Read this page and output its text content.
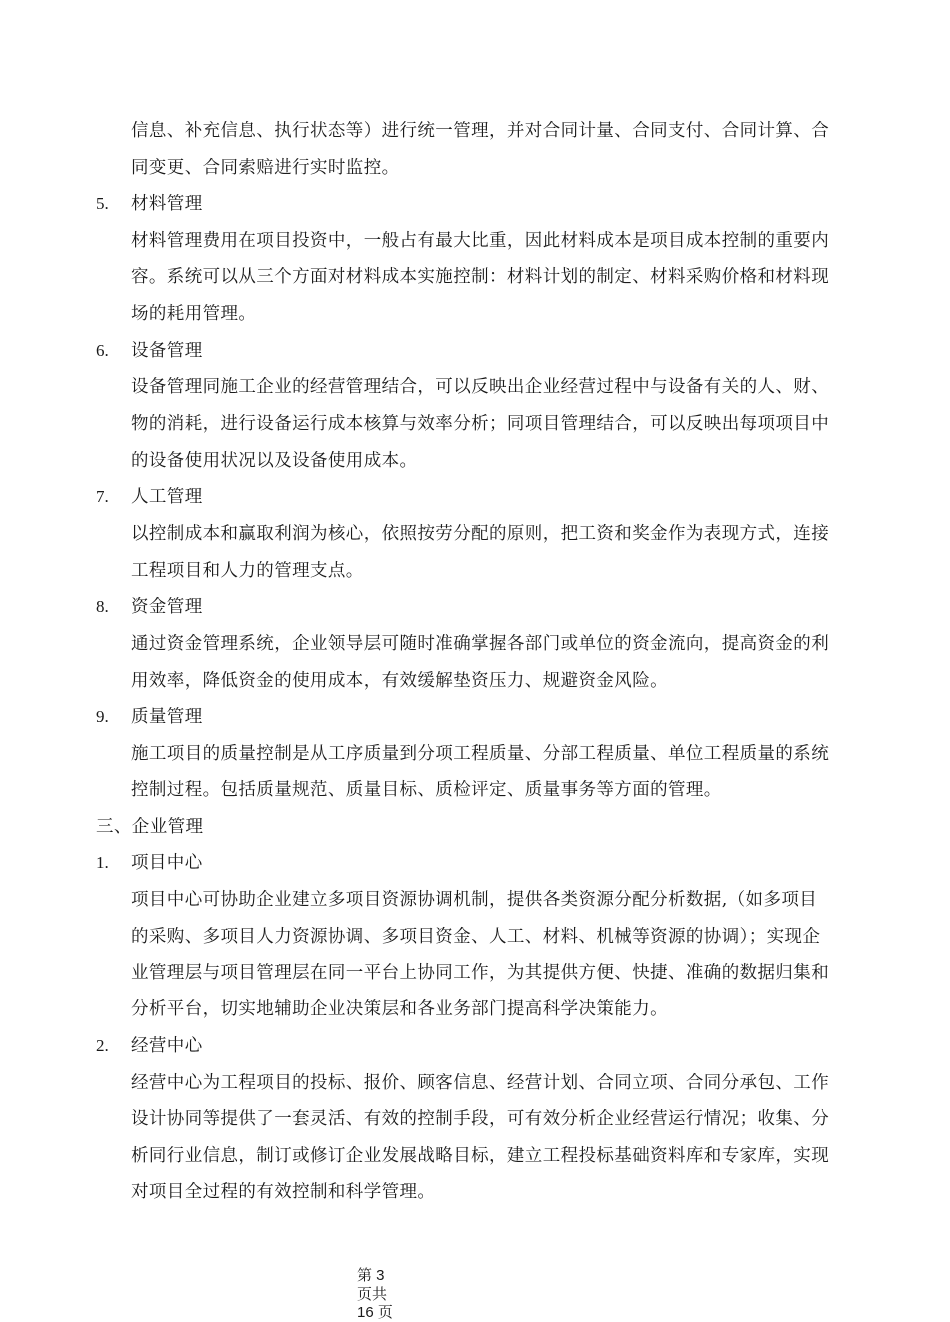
信息、补充信息、执行状态等）进行统一管理，并对合同计量、合同支付、合同计算、合
同变更、合同索赔进行实时监控。
5. 材料管理
材料管理费用在项目投资中，一般占有最大比重，因此材料成本是项目成本控制的重要内
容。系统可以从三个方面对材料成本实施控制：材料计划的制定、材料采购价格和材料现
场的耗用管理。
6. 设备管理
设备管理同施工企业的经营管理结合，可以反映出企业经营过程中与设备有关的人、财、
物的消耗，进行设备运行成本核算与效率分析；同项目管理结合，可以反映出每项项目中
的设备使用状况以及设备使用成本。
7. 人工管理
以控制成本和赢取利润为核心，依照按劳分配的原则，把工资和奖金作为表现方式，连接
工程项目和人力的管理支点。
8. 资金管理
通过资金管理系统，企业领导层可随时准确掌握各部门或单位的资金流向，提高资金的利
用效率，降低资金的使用成本，有效缓解垫资压力、规避资金风险。
9. 质量管理
施工项目的质量控制是从工序质量到分项工程质量、分部工程质量、单位工程质量的系统
控制过程。包括质量规范、质量目标、质检评定、质量事务等方面的管理。
三、企业管理
1. 项目中心
项目中心可协助企业建立多项目资源协调机制，提供各类资源分配分析数据,（如多项目
的采购、多项目人力资源协调、多项目资金、人工、材料、机械等资源的协调）；实现企
业管理层与项目管理层在同一平台上协同工作，为其提供方便、快捷、准确的数据归集和
分析平台，切实地辅助企业决策层和各业务部门提高科学决策能力。
2. 经营中心
经营中心为工程项目的投标、报价、顾客信息、经营计划、合同立项、合同分承包、工作
设计协同等提供了一套灵活、有效的控制手段，可有效分析企业经营运行情况；收集、分
析同行业信息，制订或修订企业发展战略目标，建立工程投标基础资料库和专家库，实现
对项目全过程的有效控制和科学管理。
第 3
页共
16 页
